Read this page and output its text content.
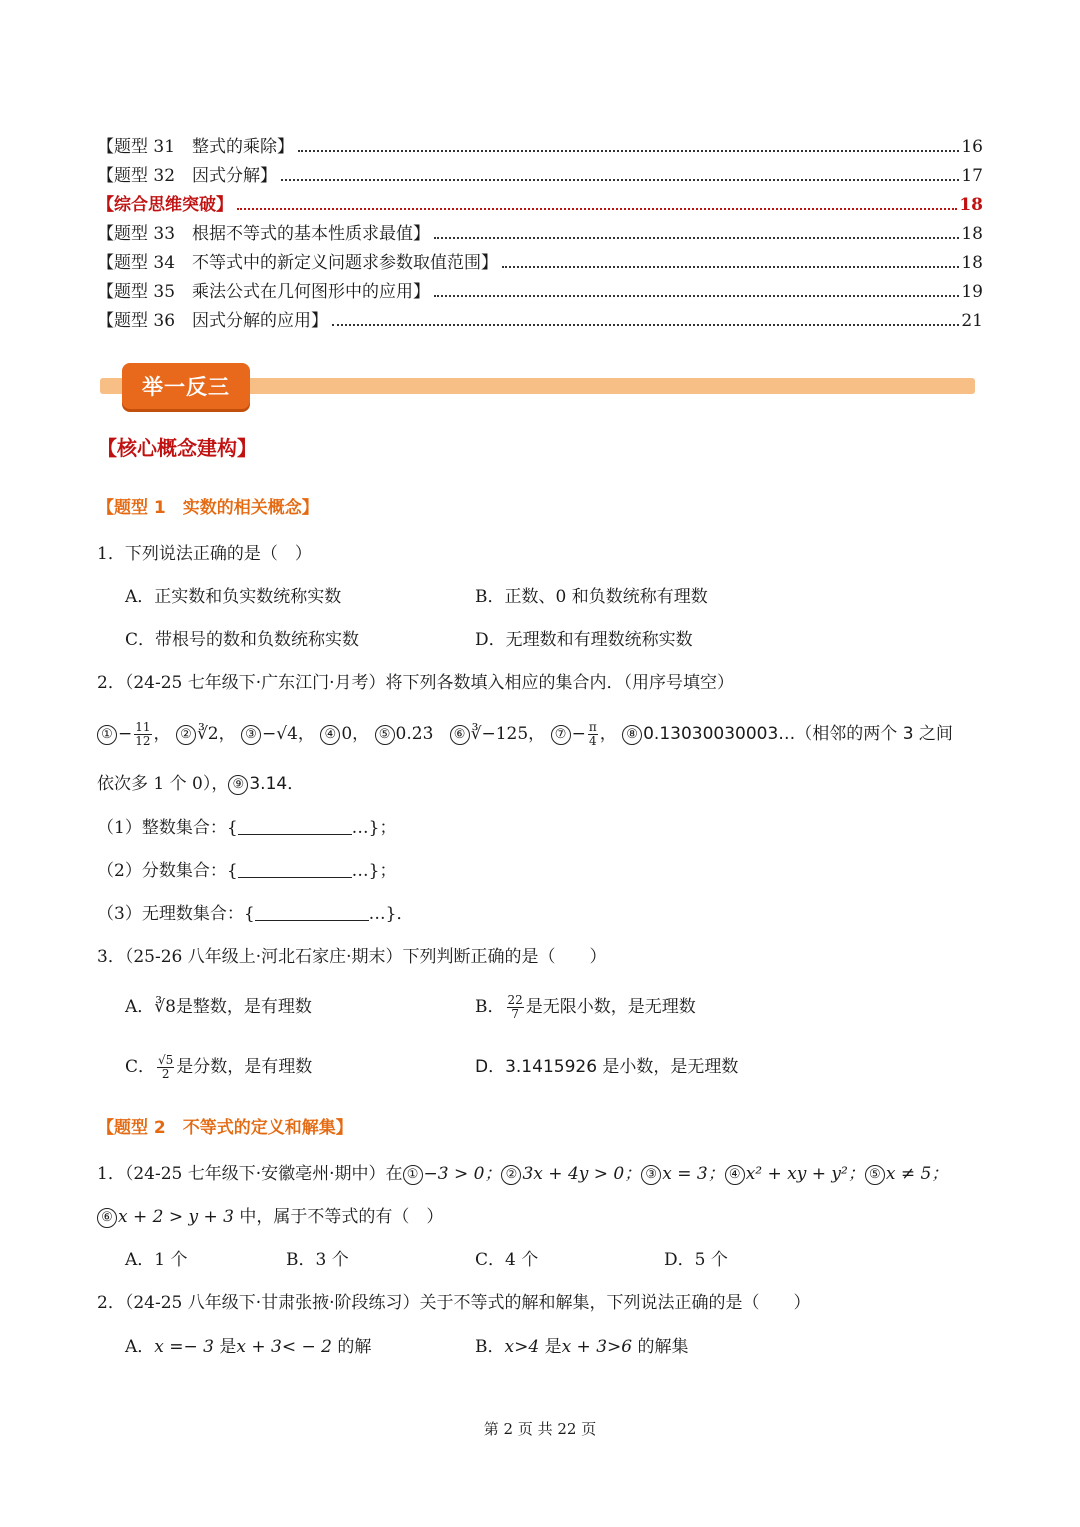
【题型 31　整式的乘除】	16
【题型 32　因式分解】	17
【综合思维突破】	18
【题型 33　根据不等式的基本性质求最值】	18
【题型 34　不等式中的新定义问题求参数取值范围】	18
【题型 35　乘法公式在几何图形中的应用】	19
【题型 36　因式分解的应用】	21
举一反三
【核心概念建构】
【题型 1　实数的相关概念】
1．下列说法正确的是（　）
A．正实数和负实数统称实数	B．正数、0 和负数统称有理数
C．带根号的数和负数统称实数	D．无理数和有理数统称实数
2．（24-25 七年级下·广东江门·月考）将下列各数填入相应的集合内．（用序号填空）
① − $\frac{11}{12}$ ， ② ∛2， ③ −√4， ④ 0， ⑤ 0.2̇3̇ ⑥ ∛−125， ⑦ − $\frac{\pi}{4}$ ， ⑧ 0.13030030003…（相邻的两个 3 之间
依次多 1 个 0）， ⑨ 3.14．
（1）整数集合：{	…}；
（2）分数集合：{	…}；
（3）无理数集合：{	…}．
3．（25-26 八年级上·河北石家庄·期末）下列判断正确的是（　　）
A．∛8是整数，是有理数	B． $\frac{22}{7}$ 是无限小数，是无理数
C． $\frac{√5}{2}$ 是分数，是有理数	D．3.1415926 是小数，是无理数
【题型 2　不等式的定义和解集】
1．（24-25 七年级下·安徽亳州·期中）在 ① −3 > 0； ② 3x + 4y > 0； ③ x = 3； ④ x² + xy + y²； ⑤ x ≠ 5；
⑥ x + 2 > y + 3 中，属于不等式的有（　）
A．1 个	B．3 个	C．4 个	D．5 个
2．（24-25 八年级下·甘肃张掖·阶段练习）关于不等式的解和解集，下列说法正确的是（　　）
A．x =− 3 是x + 3< − 2 的解	B．x>4 是x + 3>6 的解集
第 2 页 共 22 页
